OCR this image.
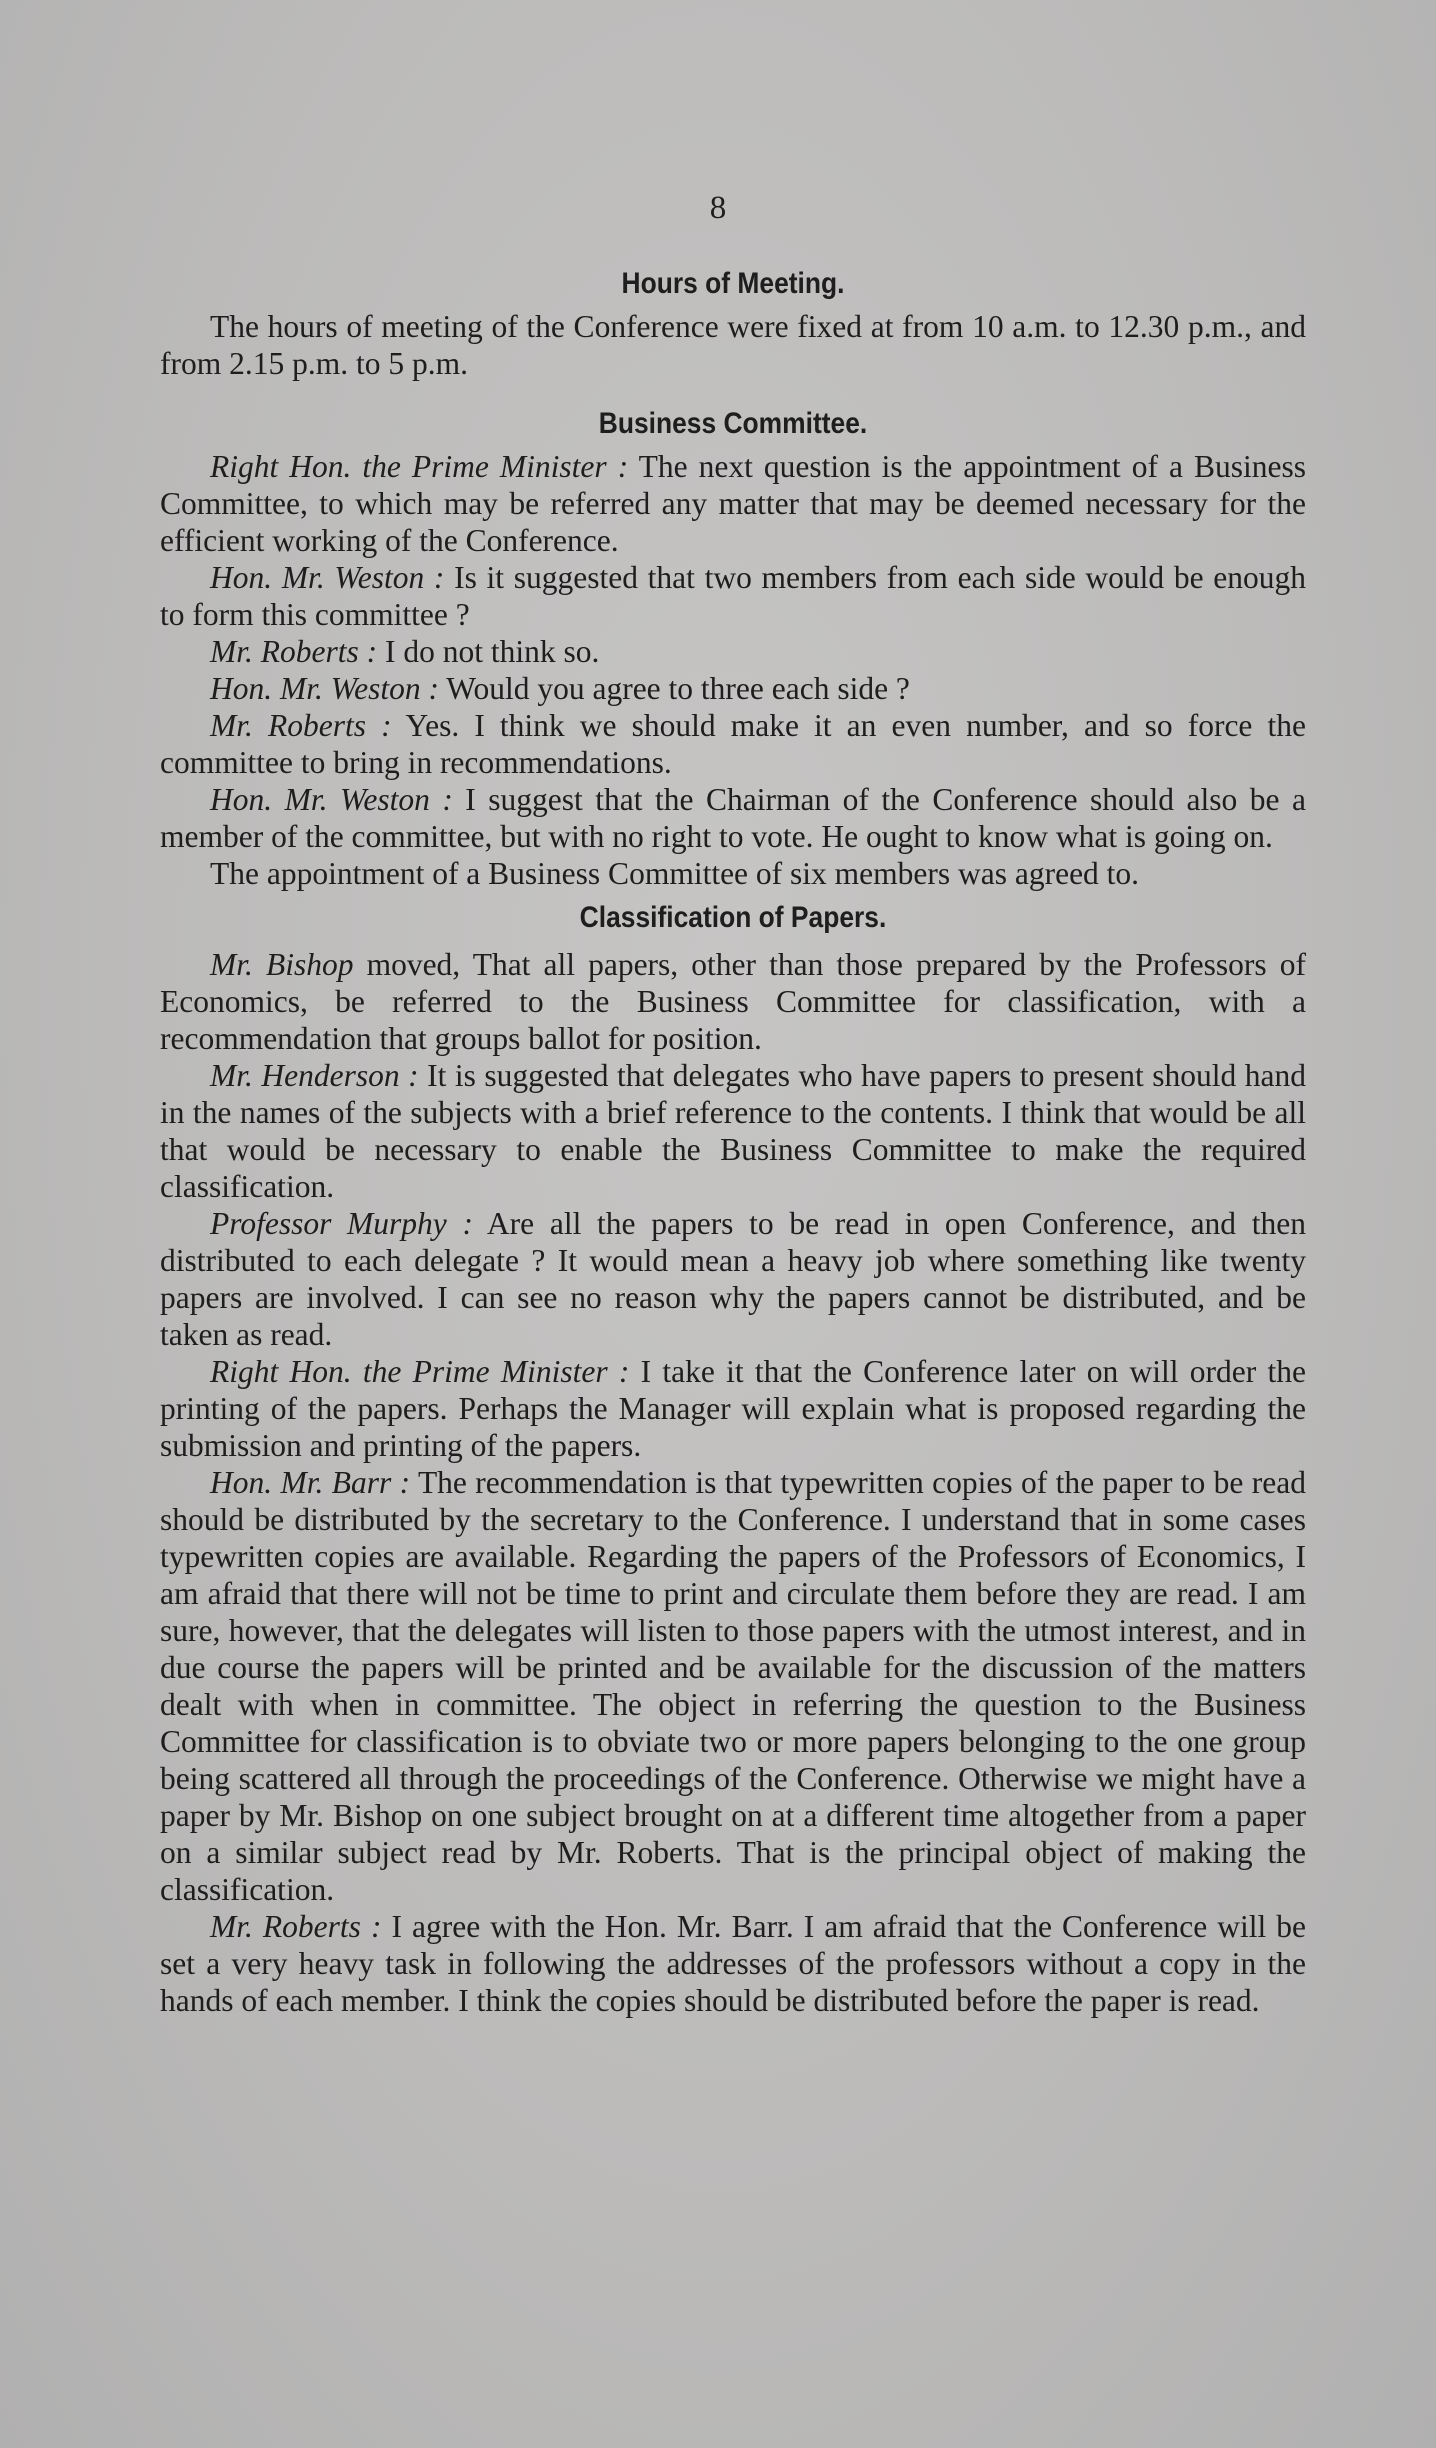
8
Hours of Meeting.

The hours of meeting of the Conference were fixed at from 10 a.m. to 12.30 p.m., and from 2.15 p.m. to 5 p.m.

Business Committee.

Right Hon. the Prime Minister : The next question is the appointment of a Business Committee, to which may be referred any matter that may be deemed necessary for the efficient working of the Conference.

Hon. Mr. Weston : Is it suggested that two members from each side would be enough to form this committee ?

Mr. Roberts : I do not think so.

Hon. Mr. Weston : Would you agree to three each side ?

Mr. Roberts : Yes. I think we should make it an even number, and so force the committee to bring in recommendations.

Hon. Mr. Weston : I suggest that the Chairman of the Conference should also be a member of the committee, but with no right to vote. He ought to know what is going on.

The appointment of a Business Committee of six members was agreed to.

Classification of Papers.

Mr. Bishop moved, That all papers, other than those prepared by the Professors of Economics, be referred to the Business Committee for classification, with a recommendation that groups ballot for position.

Mr. Henderson : It is suggested that delegates who have papers to present should hand in the names of the subjects with a brief reference to the contents. I think that would be all that would be necessary to enable the Business Committee to make the required classification.

Professor Murphy : Are all the papers to be read in open Conference, and then distributed to each delegate ? It would mean a heavy job where something like twenty papers are involved. I can see no reason why the papers cannot be distributed, and be taken as read.

Right Hon. the Prime Minister : I take it that the Conference later on will order the printing of the papers. Perhaps the Manager will explain what is proposed regarding the submission and printing of the papers.

Hon. Mr. Barr : The recommendation is that typewritten copies of the paper to be read should be distributed by the secretary to the Conference. I understand that in some cases typewritten copies are available. Regarding the papers of the Professors of Economics, I am afraid that there will not be time to print and circulate them before they are read. I am sure, however, that the delegates will listen to those papers with the utmost interest, and in due course the papers will be printed and be available for the discussion of the matters dealt with when in committee. The object in referring the question to the Business Committee for classification is to obviate two or more papers belonging to the one group being scattered all through the proceedings of the Conference. Otherwise we might have a paper by Mr. Bishop on one subject brought on at a different time altogether from a paper on a similar subject read by Mr. Roberts. That is the principal object of making the classification.

Mr. Roberts : I agree with the Hon. Mr. Barr. I am afraid that the Conference will be set a very heavy task in following the addresses of the professors without a copy in the hands of each member. I think the copies should be distributed before the paper is read.
